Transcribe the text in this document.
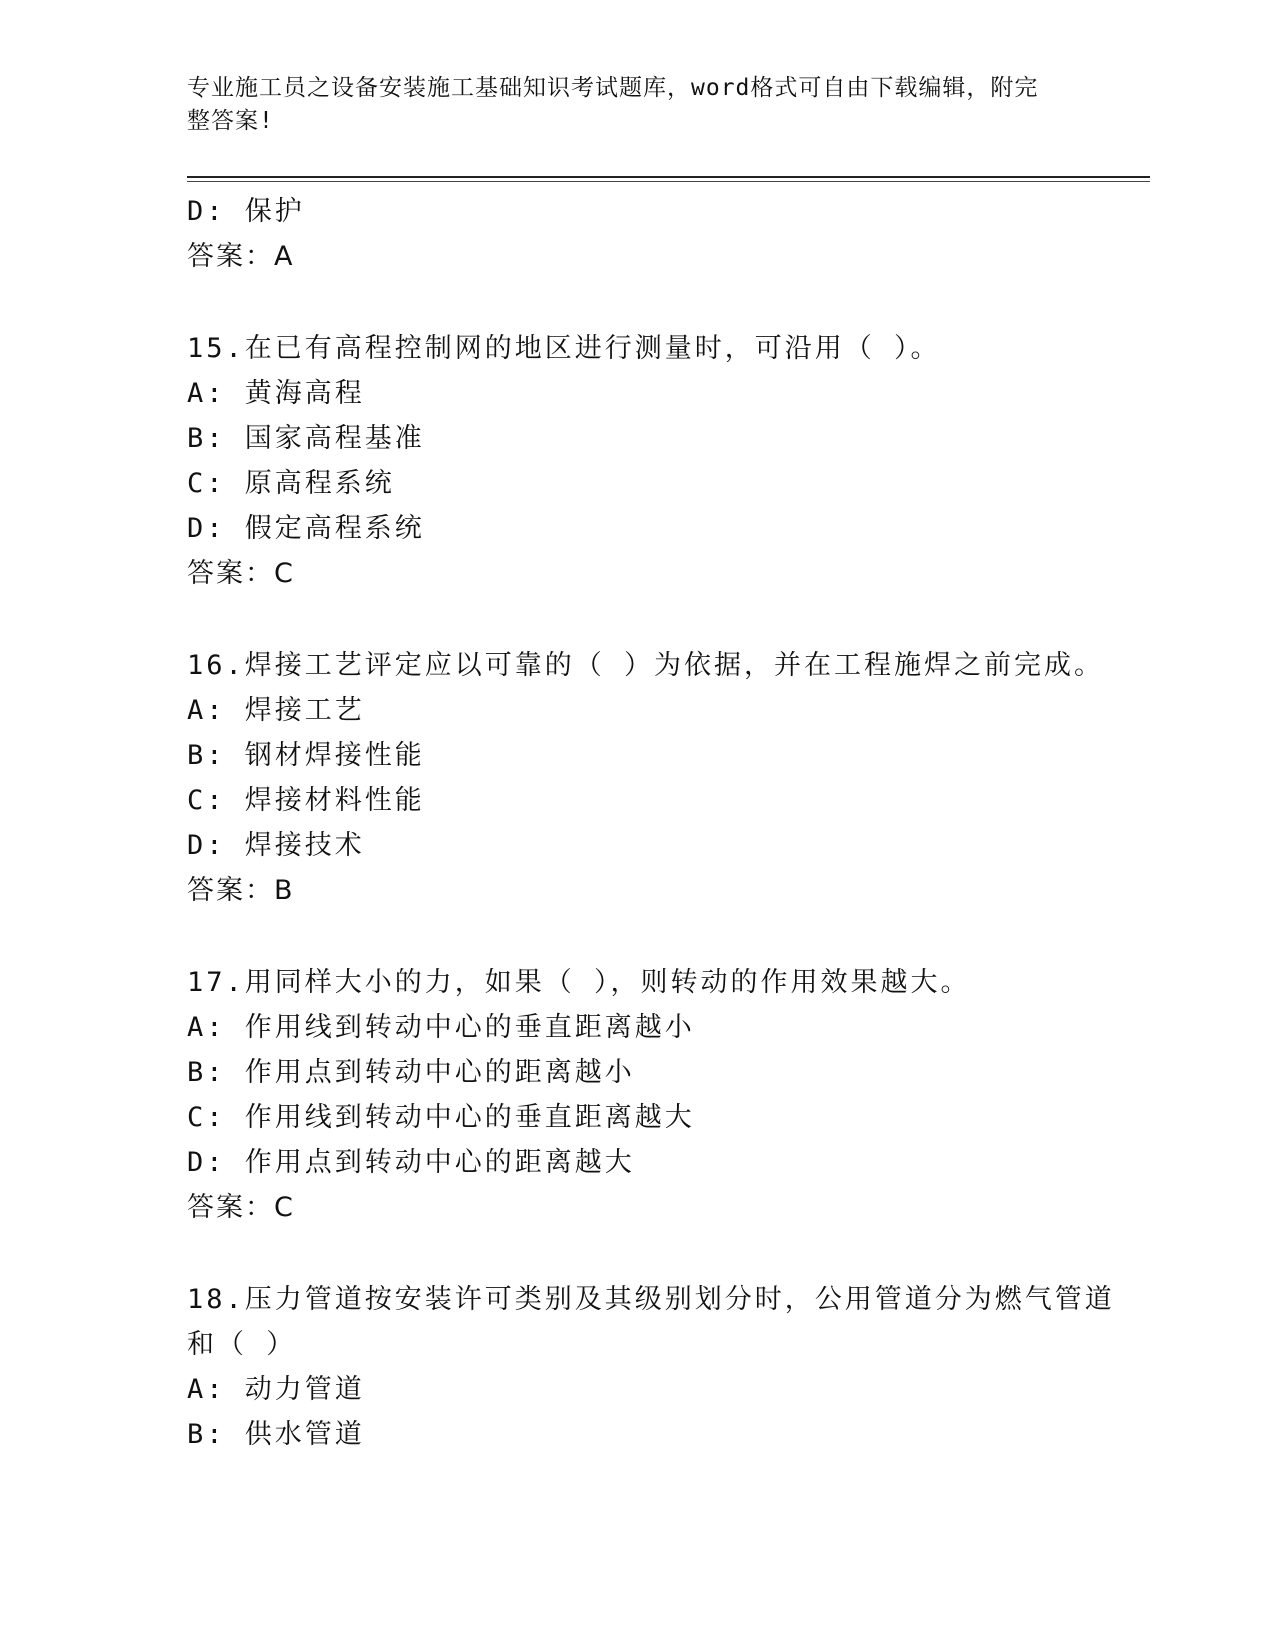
专业施工员之设备安装施工基础知识考试题库，word格式可自由下载编辑，附完
整答案!
D: 保护
答案：A
15.在已有高程控制网的地区进行测量时，可沿用（ ）。
A: 黄海高程
B: 国家高程基准
C: 原高程系统
D: 假定高程系统
答案：C
16.焊接工艺评定应以可靠的（ ）为依据，并在工程施焊之前完成。
A: 焊接工艺
B: 钢材焊接性能
C: 焊接材料性能
D: 焊接技术
答案：B
17.用同样大小的力，如果（ ），则转动的作用效果越大。
A: 作用线到转动中心的垂直距离越小
B: 作用点到转动中心的距离越小
C: 作用线到转动中心的垂直距离越大
D: 作用点到转动中心的距离越大
答案：C
18.压力管道按安装许可类别及其级别划分时，公用管道分为燃气管道
和（ ）
A: 动力管道
B: 供水管道
